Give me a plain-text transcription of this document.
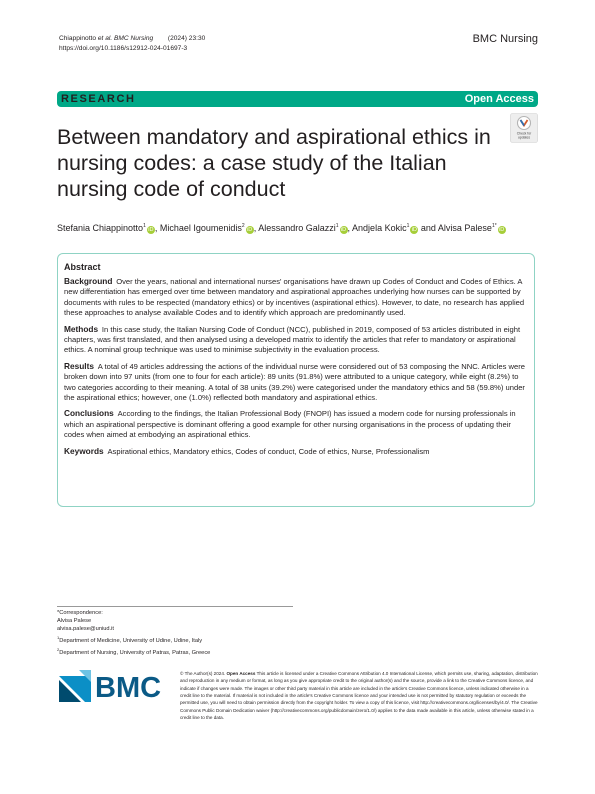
Chiappinotto et al. BMC Nursing (2024) 23:30
https://doi.org/10.1186/s12912-024-01697-3
BMC Nursing
RESEARCH	Open Access
Between mandatory and aspirational ethics in nursing codes: a case study of the Italian nursing code of conduct
Check for
updates
Stefania Chiappinotto$^1$iD, Michael Igoumenidis$^2$iD, Alessandro Galazzi$^1$iD, Andjela Kokic$^1$iD and Alvisa Palese$^{1*}$iD
Abstract

Background  Over the years, national and international nurses' organisations have drawn up Codes of Conduct and Codes of Ethics. A new differentiation has emerged over time between mandatory and aspirational approaches underlying how nurses can be supported by documents with rules to be respected (mandatory ethics) or by incentives (aspirational ethics). However, to date, no research has applied these approaches to analyse available Codes and to identify which approach are predominantly used.

Methods  In this case study, the Italian Nursing Code of Conduct (NCC), published in 2019, composed of 53 articles distributed in eight chapters, was first translated, and then analysed using a developed matrix to identify the articles that refer to mandatory or aspirational ethics. A nominal group technique was used to minimise subjectivity in the evaluation process.

Results  A total of 49 articles addressing the actions of the individual nurse were considered out of 53 composing the NNC. Articles were broken down into 97 units (from one to four for each article): 89 units (91.8%) were attributed to a unique category, while eight (8.2%) to two categories according to their meaning. A total of 38 units (39.2%) were categorised under the mandatory ethics and 58 (59.8%) under the aspirational ethics; however, one (1.0%) reflected both mandatory and aspirational ethics.

Conclusions  According to the findings, the Italian Professional Body (FNOPI) has issued a modern code for nursing professionals in which an aspirational perspective is dominant offering a good example for other nursing organisations in the process of updating their codes when aimed at embodying an aspirational ethics.

Keywords  Aspirational ethics, Mandatory ethics, Codes of conduct, Code of ethics, Nurse, Professionalism

*Correspondence:
Alvisa Palese
alvisa.palese@uniud.it
$^1$Department of Medicine, University of Udine, Udine, Italy
$^2$Department of Nursing, University of Patras, Patras, Greece
BMC	© The Author(s) 2024. Open Access This article is licensed under a Creative Commons Attribution 4.0 International License, which permits use, sharing, adaptation, distribution and reproduction in any medium or format, as long as you give appropriate credit to the original author(s) and the source, provide a link to the Creative Commons licence, and indicate if changes were made. The images or other third party material in this article are included in the article's Creative Commons licence, unless indicated otherwise in a credit line to the material. If material is not included in the article's Creative Commons licence and your intended use is not permitted by statutory regulation or exceeds the permitted use, you will need to obtain permission directly from the copyright holder. To view a copy of this licence, visit http://creativecommons.org/licenses/by/4.0/. The Creative Commons Public Domain Dedication waiver (http://creativecommons.org/publicdomain/zero/1.0/) applies to the data made available in this article, unless otherwise stated in a credit line to the data.
